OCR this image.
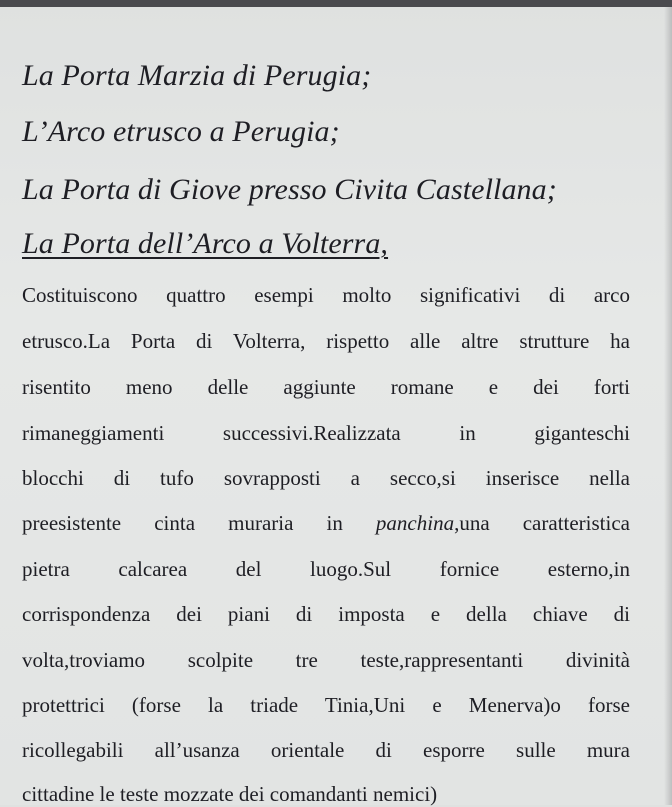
La Porta Marzia di Perugia;
L’Arco etrusco a Perugia;
La Porta di Giove presso Civita Castellana;
La Porta dell’Arco a Volterra,
Costituiscono quattro esempi molto significativi di arco
etrusco.La Porta di Volterra, rispetto alle altre strutture ha
risentito meno delle aggiunte romane e dei forti
rimaneggiamenti successivi.Realizzata in giganteschi
blocchi di tufo sovrapposti a secco,si inserisce nella
preesistente cinta muraria in panchina,una caratteristica
pietra calcarea del luogo.Sul fornice esterno,in
corrispondenza dei piani di imposta e della chiave di
volta,troviamo scolpite tre teste,rappresentanti divinità
protettrici (forse la triade Tinia,Uni e Menerva)o forse
ricollegabili all’usanza orientale di esporre sulle mura
cittadine le teste mozzate dei comandanti nemici)
